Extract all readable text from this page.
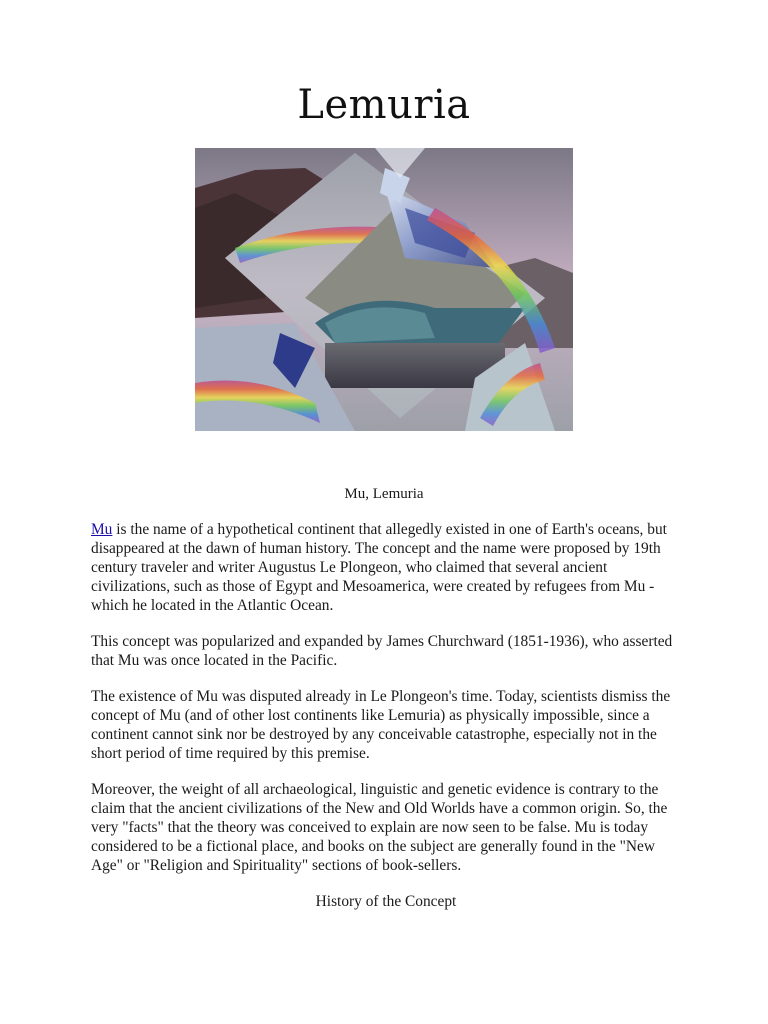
Lemuria

Mu, Lemuria

Mu is the name of a hypothetical continent that allegedly existed in one of Earth's oceans, but disappeared at the dawn of human history. The concept and the name were proposed by 19th century traveler and writer Augustus Le Plongeon, who claimed that several ancient civilizations, such as those of Egypt and Mesoamerica, were created by refugees from Mu - which he located in the Atlantic Ocean.

This concept was popularized and expanded by James Churchward (1851-1936), who asserted that Mu was once located in the Pacific.

The existence of Mu was disputed already in Le Plongeon's time. Today, scientists dismiss the concept of Mu (and of other lost continents like Lemuria) as physically impossible, since a continent cannot sink nor be destroyed by any conceivable catastrophe, especially not in the short period of time required by this premise.

Moreover, the weight of all archaeological, linguistic and genetic evidence is contrary to the claim that the ancient civilizations of the New and Old Worlds have a common origin. So, the very "facts" that the theory was conceived to explain are now seen to be false. Mu is today considered to be a fictional place, and books on the subject are generally found in the "New Age" or "Religion and Spirituality" sections of book-sellers.

History of the Concept
